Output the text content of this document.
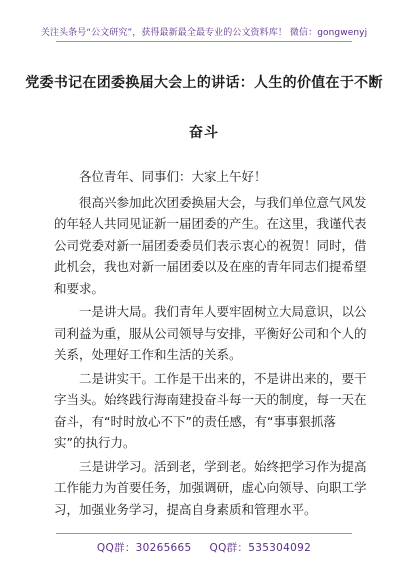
关注头条号“公文研究”，获得最新最全最专业的公文资料库！ 微信：gongwenyj
党委书记在团委换届大会上的讲话：人生的价值在于不断
奋斗
各位青年、同事们：大家上午好！
很高兴参加此次团委换届大会，与我们单位意气风发
的年轻人共同见证新一届团委的产生。在这里，我谨代表
公司党委对新一届团委委员们表示衷心的祝贺！同时，借
此机会，我也对新一届团委以及在座的青年同志们提希望
和要求。
一是讲大局。我们青年人要牢固树立大局意识，以公
司利益为重，服从公司领导与安排，平衡好公司和个人的
关系，处理好工作和生活的关系。
二是讲实干。工作是干出来的，不是讲出来的，要干
字当头。始终践行海南建投奋斗每一天的制度，每一天在
奋斗，有“时时放心不下”的责任感，有“事事狠抓落
实”的执行力。
三是讲学习。活到老，学到老。始终把学习作为提高
工作能力为首要任务，加强调研，虚心向领导、向职工学
习，加强业务学习，提高自身素质和管理水平。
QQ群：30265665 QQ群：535304092
